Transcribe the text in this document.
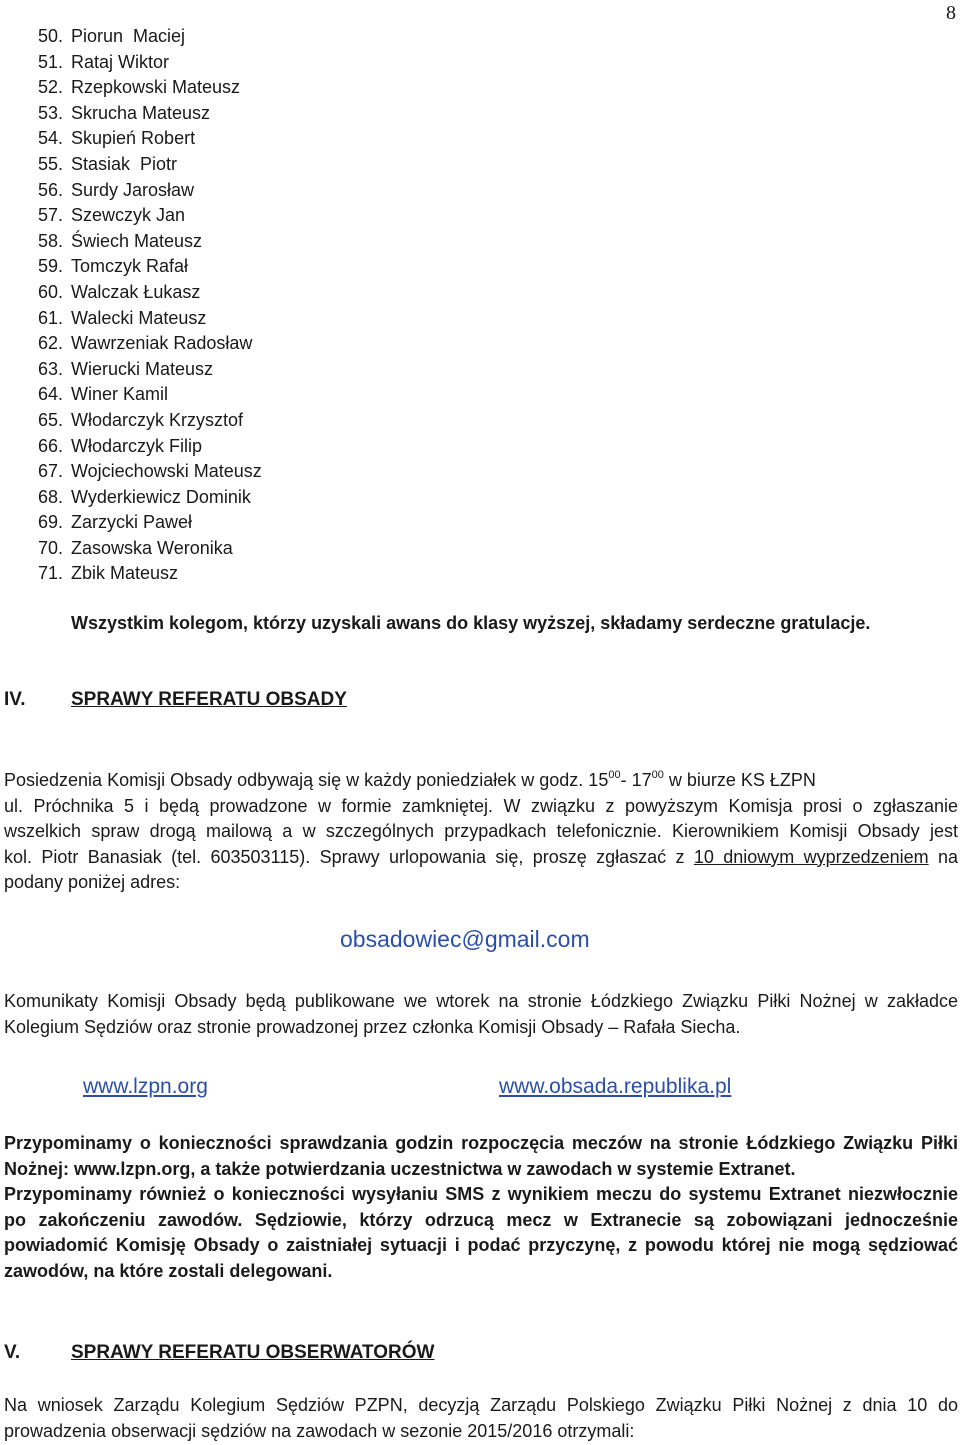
8
50. Piorun  Maciej
51. Rataj Wiktor
52. Rzepkowski Mateusz
53. Skrucha Mateusz
54. Skupień Robert
55. Stasiak  Piotr
56. Surdy Jarosław
57. Szewczyk Jan
58. Świech Mateusz
59. Tomczyk Rafał
60. Walczak Łukasz
61. Walecki Mateusz
62. Wawrzeniak Radosław
63. Wierucki Mateusz
64. Winer Kamil
65. Włodarczyk Krzysztof
66. Włodarczyk Filip
67. Wojciechowski Mateusz
68. Wyderkiewicz Dominik
69. Zarzycki Paweł
70. Zasowska Weronika
71. Zbik Mateusz
Wszystkim kolegom, którzy uzyskali awans do klasy wyższej, składamy serdeczne gratulacje.
IV. SPRAWY REFERATU OBSADY
Posiedzenia Komisji Obsady odbywają się w każdy poniedziałek w godz. $15^{00}-$ $17^{00}$ w biurze KS ŁZPN
ul. Próchnika 5 i będą prowadzone w formie zamkniętej. W związku z powyższym Komisja prosi o zgłaszanie
wszelkich spraw drogą mailową a w szczególnych przypadkach telefonicznie. Kierownikiem Komisji Obsady jest
kol. Piotr Banasiak (tel. 603503115). Sprawy urlopowania się, proszę zgłaszać z 10 dniowym wyprzedzeniem na
podany poniżej adres:
obsadowiec@gmail.com
Komunikaty Komisji Obsady będą publikowane we wtorek na stronie Łódzkiego Związku Piłki Nożnej w zakładce
Kolegium Sędziów oraz stronie prowadzonej przez członka Komisji Obsady – Rafała Siecha.
www.lzpn.org	www.obsada.republika.pl
Przypominamy o konieczności sprawdzania godzin rozpoczęcia meczów na stronie Łódzkiego Związku Piłki
Nożnej: www.lzpn.org, a także potwierdzania uczestnictwa w zawodach w systemie Extranet.
Przypominamy również o konieczności wysyłaniu SMS z wynikiem meczu do systemu Extranet niezwłocznie
po zakończeniu zawodów. Sędziowie, którzy odrzucą mecz w Extranecie są zobowiązani jednocześnie
powiadomić Komisję Obsady o zaistniałej sytuacji i podać przyczynę, z powodu której nie mogą sędziować
zawodów, na które zostali delegowani.
V.	SPRAWY REFERATU OBSERWATORÓW
Na wniosek Zarządu Kolegium Sędziów PZPN, decyzją Zarządu Polskiego Związku Piłki Nożnej z dnia 10 do
prowadzenia obserwacji sędziów na zawodach w sezonie 2015/2016 otrzymali:
